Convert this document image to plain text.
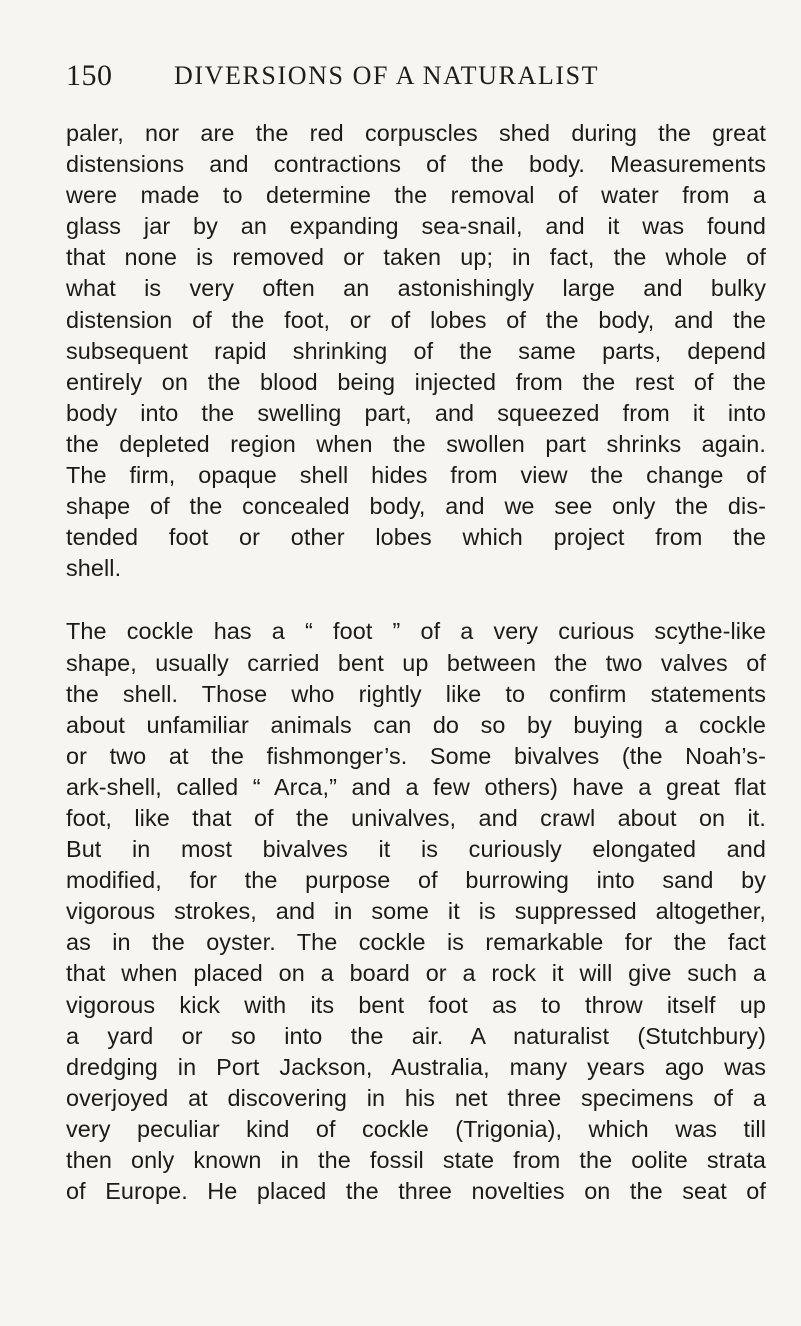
150 DIVERSIONS OF A NATURALIST

paler, nor are the red corpuscles shed during the great
distensions and contractions of the body. Measurements
were made to determine the removal of water from a
glass jar by an expanding sea-snail, and it was found
that none is removed or taken up; in fact, the whole of
what is very often an astonishingly large and bulky
distension of the foot, or of lobes of the body, and the
subsequent rapid shrinking of the same parts, depend
entirely on the blood being injected from the rest of the
body into the swelling part, and squeezed from it into
the depleted region when the swollen part shrinks again.
The firm, opaque shell hides from view the change of
shape of the concealed body, and we see only the dis-
tended foot or other lobes which project from the
shell.

The cockle has a “ foot ” of a very curious scythe-like
shape, usually carried bent up between the two valves of
the shell. Those who rightly like to confirm statements
about unfamiliar animals can do so by buying a cockle
or two at the fishmonger’s. Some bivalves (the Noah’s-
ark-shell, called “ Arca,” and a few others) have a great flat
foot, like that of the univalves, and crawl about on it.
But in most bivalves it is curiously elongated and
modified, for the purpose of burrowing into sand by
vigorous strokes, and in some it is suppressed altogether,
as in the oyster. The cockle is remarkable for the fact
that when placed on a board or a rock it will give such a
vigorous kick with its bent foot as to throw itself up
a yard or so into the air. A naturalist (Stutchbury)
dredging in Port Jackson, Australia, many years ago was
overjoyed at discovering in his net three specimens of a
very peculiar kind of cockle (Trigonia), which was till
then only known in the fossil state from the oolite strata
of Europe. He placed the three novelties on the seat of
